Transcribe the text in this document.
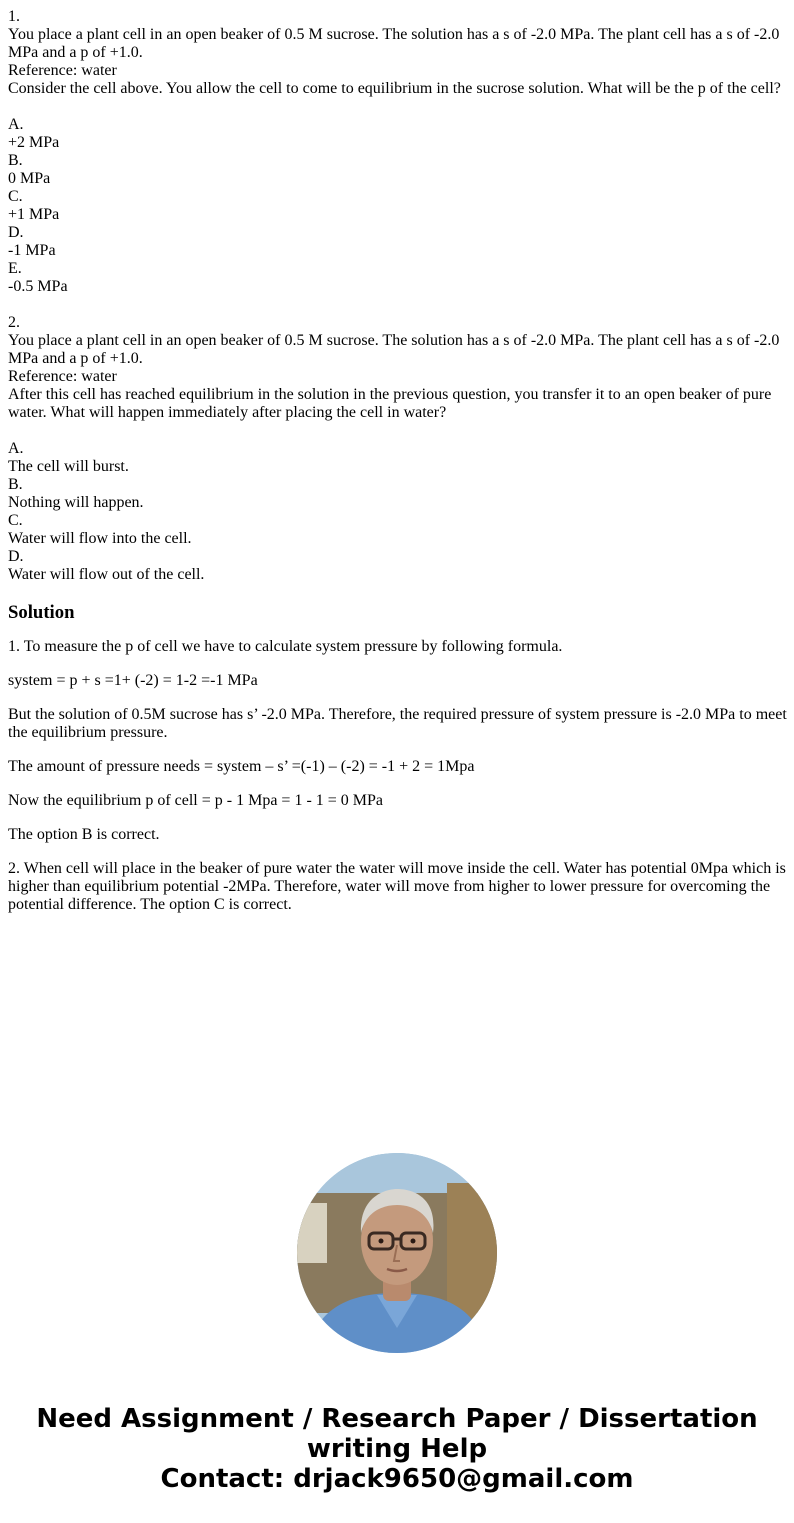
1.
You place a plant cell in an open beaker of 0.5 M sucrose. The solution has a s of -2.0 MPa. The plant cell has a s of -2.0 MPa and a p of +1.0.
Reference: water
Consider the cell above. You allow the cell to come to equilibrium in the sucrose solution. What will be the p of the cell?
A.
+2 MPa
B.
0 MPa
C.
+1 MPa
D.
-1 MPa
E.
-0.5 MPa
2.
You place a plant cell in an open beaker of 0.5 M sucrose. The solution has a s of -2.0 MPa. The plant cell has a s of -2.0 MPa and a p of +1.0.
Reference: water
After this cell has reached equilibrium in the solution in the previous question, you transfer it to an open beaker of pure water. What will happen immediately after placing the cell in water?
A.
The cell will burst.
B.
Nothing will happen.
C.
Water will flow into the cell.
D.
Water will flow out of the cell.
Solution

1. To measure the p of cell we have to calculate system pressure by following formula.

system = p + s =1+ (-2) = 1-2 =-1 MPa

But the solution of 0.5M sucrose has s’ -2.0 MPa. Therefore, the required pressure of system pressure is -2.0 MPa to meet the equilibrium pressure.

The amount of pressure needs = system – s’ =(-1) – (-2) = -1 + 2 = 1Mpa

Now the equilibrium p of cell = p - 1 Mpa = 1 - 1 = 0 MPa

The option B is correct.

2. When cell will place in the beaker of pure water the water will move inside the cell. Water has potential 0Mpa which is higher than equilibrium potential -2MPa. Therefore, water will move from higher to lower pressure for overcoming the potential difference. The option C is correct.

Need Assignment / Research Paper / Dissertation
writing Help
Contact: drjack9650@gmail.com
